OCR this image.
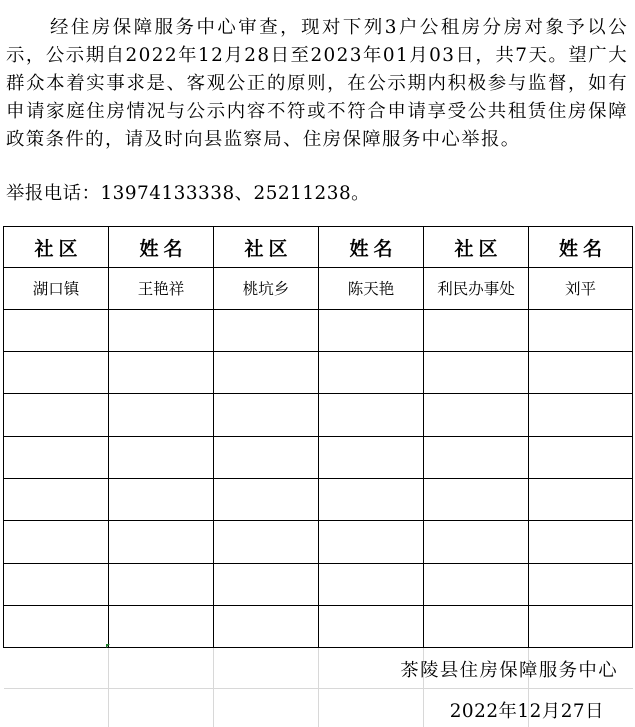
经住房保障服务中心审查，现对下列3户公租房分房对象予以公示，公示期自2022年12月28日至2023年01月03日，共7天。望广大群众本着实事求是、客观公正的原则，在公示期内积极参与监督，如有申请家庭住房情况与公示内容不符或不符合申请享受公共租赁住房保障政策条件的，请及时向县监察局、住房保障服务中心举报。

举报电话：13974133338、25211238。

社区	姓名	社区	姓名	社区	姓名
湖口镇	王艳祥	桃坑乡	陈天艳	利民办事处	刘平

茶陵县住房保障服务中心

2022年12月27日
